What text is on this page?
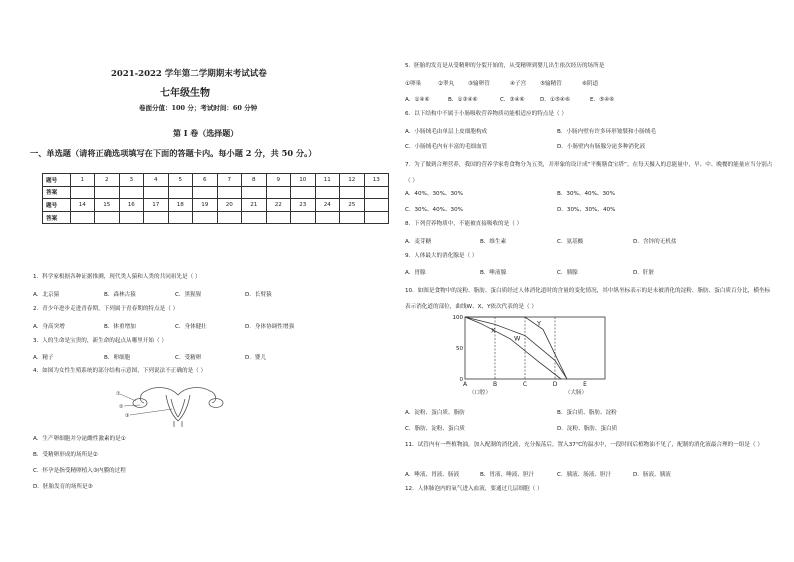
2021-2022 学年第二学期期末考试试卷
七年级生物
卷面分值：100 分；考试时间：60 分钟
第 I 卷（选择题）
一、单选题（请将正确选项填写在下面的答题卡内。每小题 2 分，共 50 分。）
题号	1	2	3	4	5	6	7	8	9	10	11	12	13
答案													
题号	14	15	16	17	18	19	20	21	22	23	24	25	
答案													
1．科学家根据各种证据推测，现代类人猿和人类的共同祖先是（ ）
A．北京猿	B．森林古猿	C．黑猩猩	D．长臂猿
2．青少年进步走进青春期，下列属于青春期的特点是（ ）
A．身高突增	B．体重增加	C．身体健壮	D．身体协调性增强
3．人的生命是宝贵的，新生命的起点从哪里开始（ ）
A．精子	B．卵细胞	C．受精卵	D．婴儿
4．如图为女性生殖系统的部分结构示意图，下列说法不正确的是（ ）
①
②
③
A．生产卵细胞并分泌雌性激素的是①
B．受精卵形成的场所是②
C．怀孕是指受精卵植入③内膜的过程
D．胚胎发育的场所是③
5．胚胎的发育是从受精卵的分裂开始的，从受精卵到婴儿出生依次经历的场所是
①卵巢	②睾丸 ③输卵管	④子宫 ⑤输精管	⑥阴道
A．①④⑥	B．①③④⑥	C．③④⑥	D．①⑤④⑥	E．⑤④⑥
6．以下结构中不属于小肠吸收营养物质功能相适应的特点是（ ）
A．小肠绒毛由单层上皮细胞构成	B．小肠内壁有许多环形皱襞和小肠绒毛
C．小肠绒毛内有丰富的毛细血管	D．小肠壁内有肠腺分泌多种消化液
7．为了做到合理营养，我国的营养学家将食物分为五类，并形象的设计成“平衡膳食宝塔”。在每天摄入的总能量中，早、中、晚餐的能量应当分别占（ ）
A．40%、30%、30%	B．30%、40%、30%
C．30%、40%、30%	D．30%、30%、40%
8．下列营养物质中，不能被直接吸收的是（ ）
A．麦芽糖	B．维生素	C．氨基酸	D．含锌的无机盐
9．人体最大的消化腺是（ ）
A．胃腺	B．唾液腺	C．胰腺	D．肝脏
10．如图是食物中的淀粉、脂肪、蛋白质经过人体消化道时的含量的变化情况，其中纵坐标表示的是未被消化的淀粉、脂肪、蛋白质百分比，横坐标表示消化道的部位，曲线W、X、Y依次代表的是（ ）
100
50
0
A	B	C	D	E
（口腔）	（大肠）
X
Y
W
A．淀粉、蛋白质、脂肪	B．蛋白质、脂肪、淀粉
C．脂肪、淀粉、蛋白质	D．淀粉、脂肪、蛋白质
11．试管内有一些植物油，加入配制的消化液，充分振荡后，置入37℃的温水中，一段时间后植物油不见了，配制的消化液最合理的一组是（ ）
A．唾液、胃液、肠液	B．胃液、唾液、胆汁	C．胰液、肠液、胆汁	D．肠液、胰液
12．人体肺泡内的氧气进入血液，要通过几层细胞（ ）
